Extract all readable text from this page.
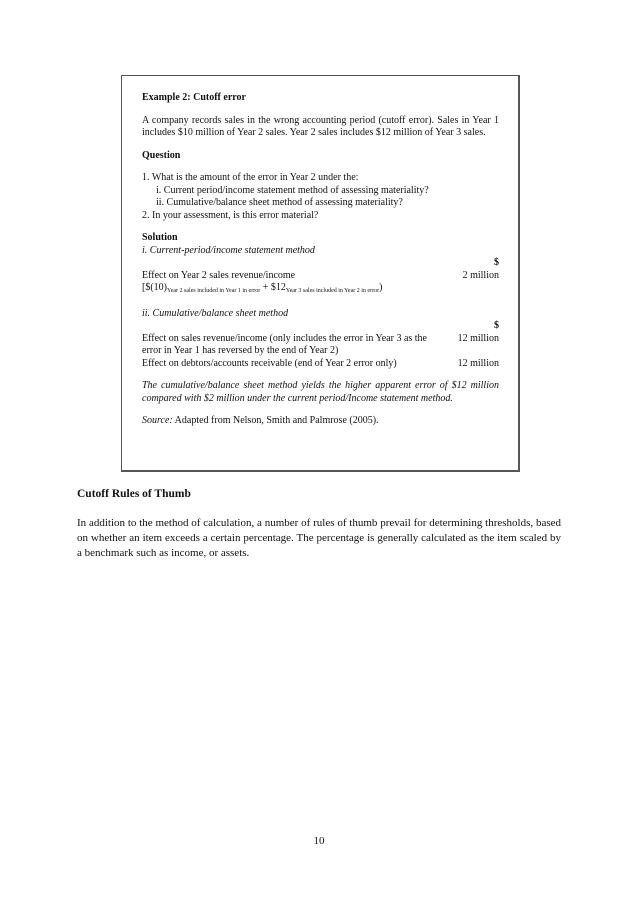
Example 2: Cutoff error

A company records sales in the wrong accounting period (cutoff error). Sales in Year 1 includes $10 million of Year 2 sales. Year 2 sales includes $12 million of Year 3 sales.

Question

1. What is the amount of the error in Year 2 under the:
i. Current period/income statement method of assessing materiality?
ii. Cumulative/balance sheet method of assessing materiality?
2. In your assessment, is this error material?

Solution

i. Current-period/income statement method

$

Effect on Year 2 sales revenue/income	2 million

[$\$(10)_{Year 2 sales included in Year 1 in error}$ + $\$12_{Year 3 sales included in Year 2 in error}$)

ii. Cumulative/balance sheet method

$

Effect on sales revenue/income (only includes the error in Year 3 as the error in Year 1 has reversed by the end of Year 2)
12 million
Effect on debtors/accounts receivable (end of Year 2 error only)	12 million

The cumulative/balance sheet method yields the higher apparent error of $12 million compared with $2 million under the current period/Income statement method.

Source: Adapted from Nelson, Smith and Palmrose (2005).

Cutoff Rules of Thumb
In addition to the method of calculation, a number of rules of thumb prevail for determining thresholds, based on whether an item exceeds a certain percentage. The percentage is generally calculated as the item scaled by a benchmark such as income, or assets.
10
